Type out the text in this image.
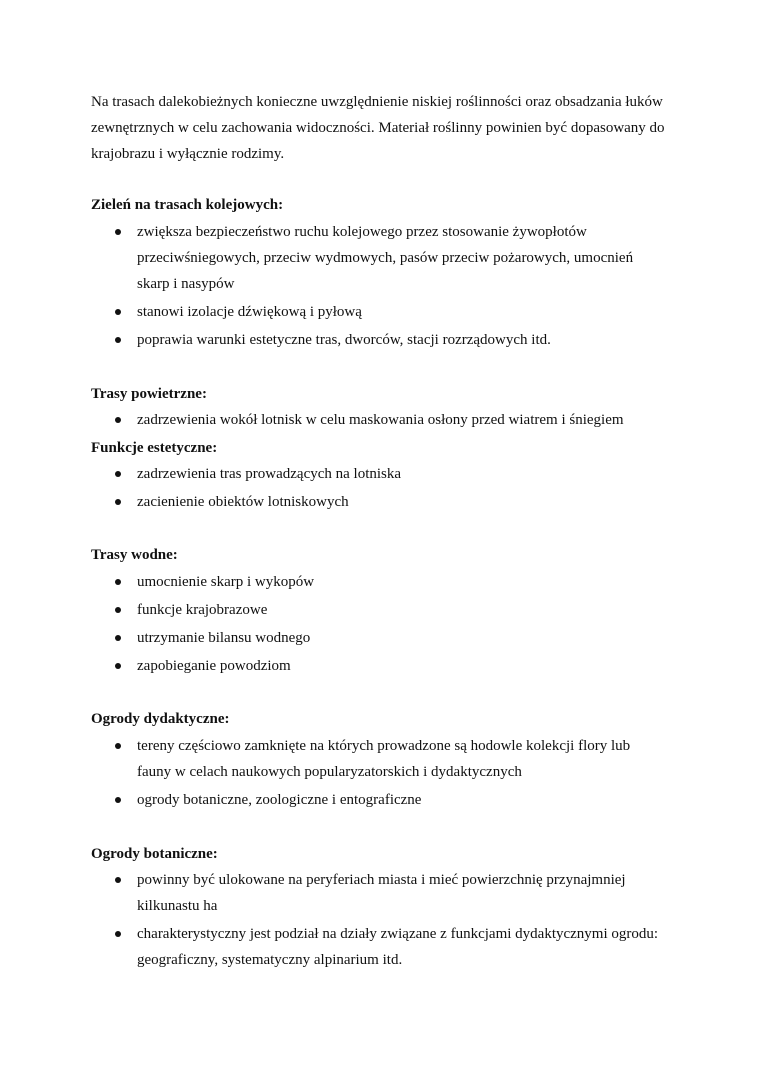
Na trasach dalekobieżnych konieczne uwzględnienie niskiej roślinności oraz obsadzania łuków zewnętrznych w celu zachowania widoczności. Materiał roślinny powinien być dopasowany do krajobrazu i wyłącznie rodzimy.

Zieleń na trasach kolejowych:

zwiększa bezpieczeństwo ruchu kolejowego przez stosowanie żywopłotów przeciwśniegowych, przeciw wydmowych, pasów przeciw pożarowych, umocnień skarp i nasypów
stanowi izolacje dźwiękową i pyłową
poprawia warunki estetyczne tras, dworców, stacji rozrządowych itd.

Trasy powietrzne:

zadrzewienia wokół lotnisk w celu maskowania osłony przed wiatrem i śniegiem

Funkcje estetyczne:

zadrzewienia tras prowadzących na lotniska
zacienienie obiektów lotniskowych

Trasy wodne:

umocnienie skarp i wykopów
funkcje krajobrazowe
utrzymanie bilansu wodnego
zapobieganie powodziom

Ogrody dydaktyczne:

tereny częściowo zamknięte na których prowadzone są hodowle kolekcji flory lub fauny w celach naukowych popularyzatorskich i dydaktycznych
ogrody botaniczne, zoologiczne i entograficzne

Ogrody botaniczne:

powinny być ulokowane na peryferiach miasta i mieć powierzchnię przynajmniej kilkunastu ha
charakterystyczny jest podział na działy związane z funkcjami dydaktycznymi ogrodu: geograficzny, systematyczny alpinarium itd.
